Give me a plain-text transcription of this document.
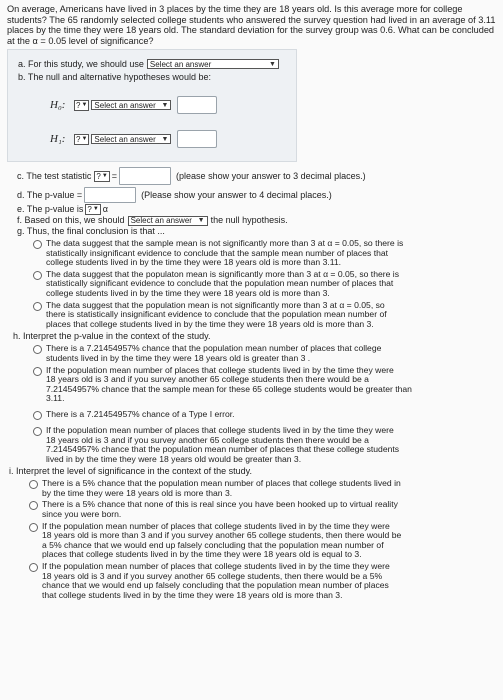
On average, Americans have lived in 3 places by the time they are 18 years old. Is this average more for college students? The 65 randomly selected college students who answered the survey question had lived in an average of 3.11 places by the time they were 18 years old. The standard deviation for the survey group was 0.6. What can be concluded at the α = 0.05 level of significance?
a. For this study, we should use Select an answer	▼
b. The null and alternative hypotheses would be:
H₀:	? ▼ Select an answer ▼
H₁:	? ▼ Select an answer ▼
c. The test statistic ? ▼ =	(please show your answer to 3 decimal places.)
d. The p-value =	(Please show your answer to 4 decimal places.)
e. The p-value is ? ▼ α
f. Based on this, we should Select an answer ▼ the null hypothesis.
g. Thus, the final conclusion is that ...
The data suggest that the sample mean is not significantly more than 3 at α = 0.05, so there is
statistically insignificant evidence to conclude that the sample mean number of places that
college students lived in by the time they were 18 years old is more than 3.11.
The data suggest that the populaton mean is significantly more than 3 at α = 0.05, so there is
statistically significant evidence to conclude that the population mean number of places that
college students lived in by the time they were 18 years old is more than 3.
The data suggest that the population mean is not significantly more than 3 at α = 0.05, so
there is statistically insignificant evidence to conclude that the population mean number of
places that college students lived in by the time they were 18 years old is more than 3.
h. Interpret the p-value in the context of the study.
There is a 7.21454957% chance that the population mean number of places that college
students lived in by the time they were 18 years old is greater than 3 .
If the population mean number of places that college students lived in by the time they were
18 years old is 3 and if you survey another 65 college students then there would be a
7.21454957% chance that the sample mean for these 65 college students would be greater than
3.11.
There is a 7.21454957% chance of a Type I error.
If the population mean number of places that college students lived in by the time they were
18 years old is 3 and if you survey another 65 college students then there would be a
7.21454957% chance that the population mean number of places that these college students
lived in by the time they were 18 years old would be greater than 3.
i. Interpret the level of significance in the context of the study.
There is a 5% chance that the population mean number of places that college students lived in
by the time they were 18 years old is more than 3.
There is a 5% chance that none of this is real since you have been hooked up to virtual reality
since you were born.
If the population mean number of places that college students lived in by the time they were
18 years old is more than 3 and if you survey another 65 college students, then there would be
a 5% chance that we would end up falsely concluding that the population mean number of
places that college students lived in by the time they were 18 years old is equal to 3.
If the population mean number of places that college students lived in by the time they were
18 years old is 3 and if you survey another 65 college students, then there would be a 5%
chance that we would end up falsely concluding that the population mean number of places
that college students lived in by the time they were 18 years old is more than 3.
